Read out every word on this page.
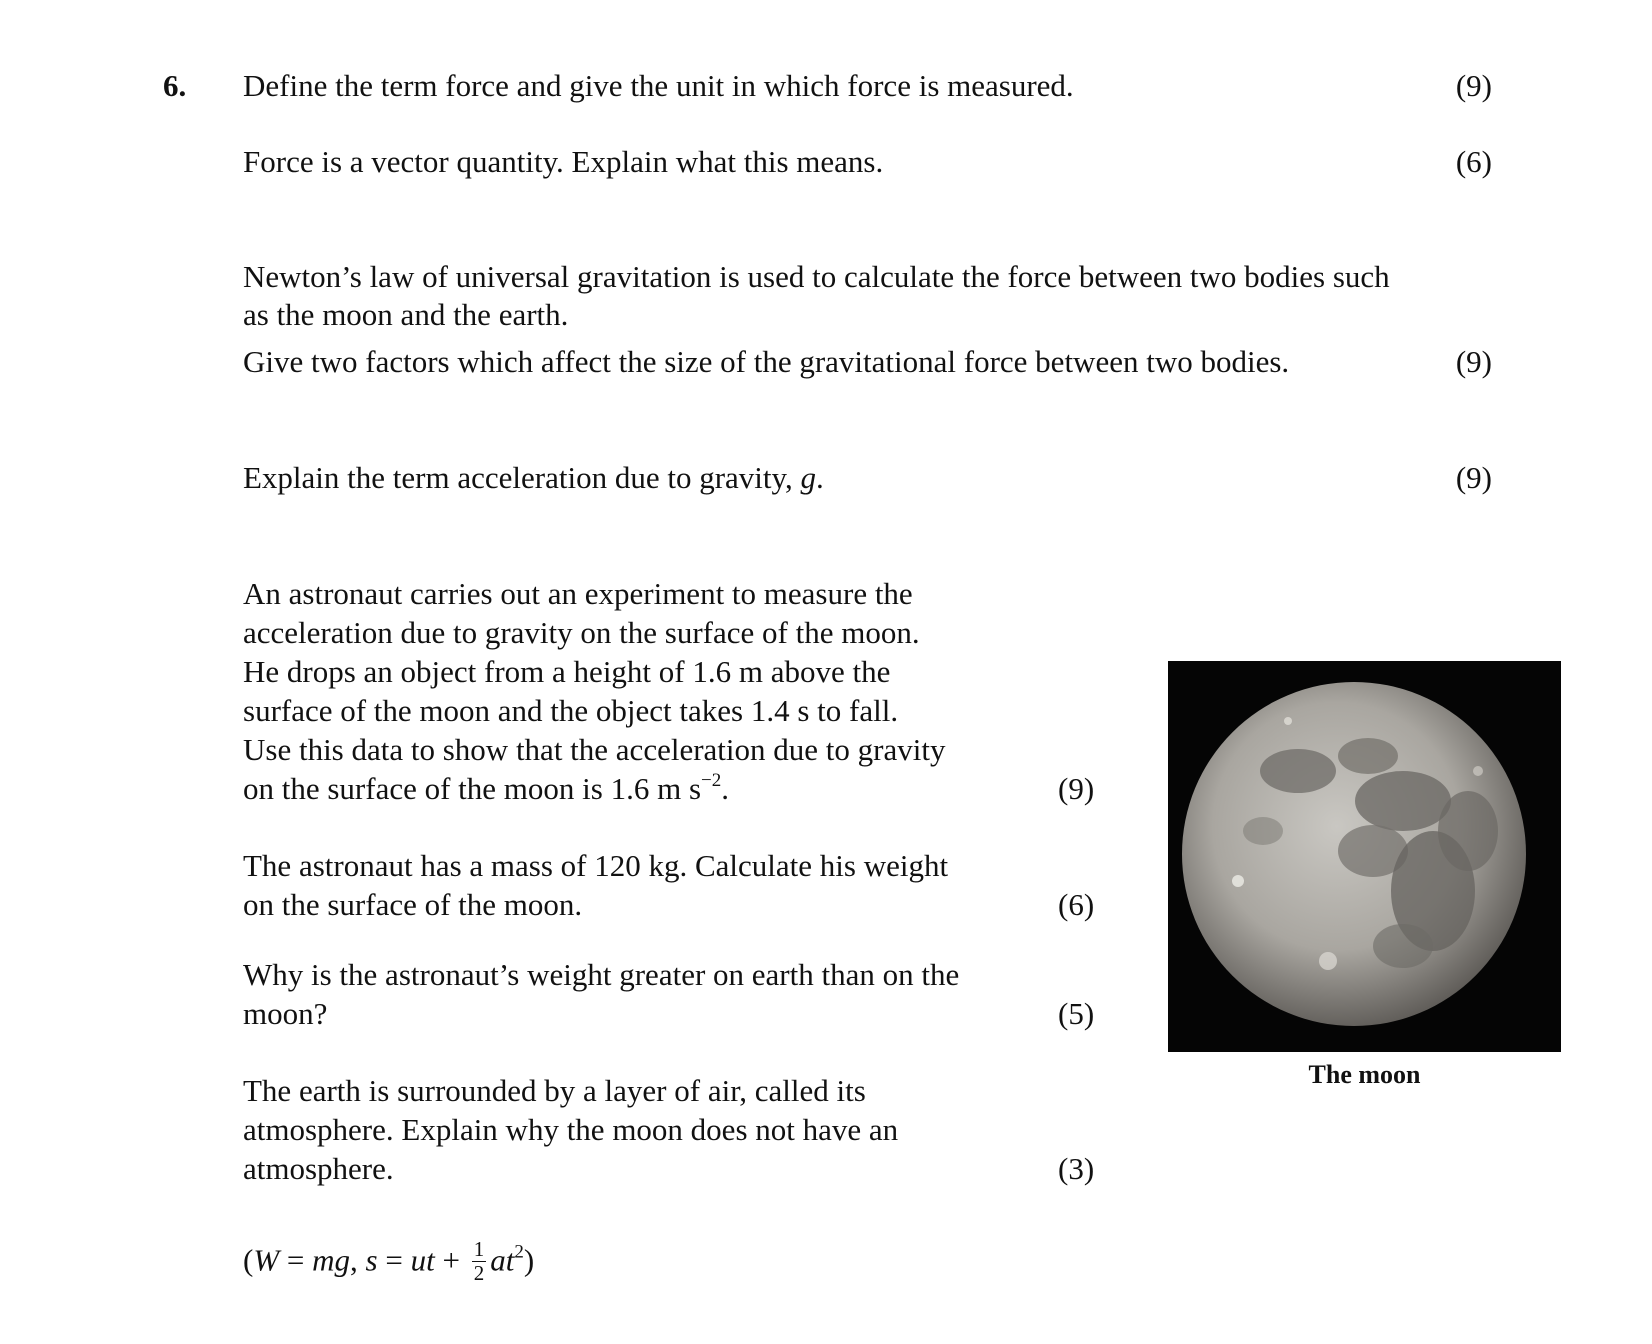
6. Define the term force and give the unit in which force is measured.	(9)
Force is a vector quantity. Explain what this means.	(6)
Newton’s law of universal gravitation is used to calculate the force between two bodies such
as the moon and the earth.
Give two factors which affect the size of the gravitational force between two bodies.	(9)
Explain the term acceleration due to gravity, g.	(9)
An astronaut carries out an experiment to measure the
acceleration due to gravity on the surface of the moon.
He drops an object from a height of 1.6 m above the
surface of the moon and the object takes 1.4 s to fall.
Use this data to show that the acceleration due to gravity
on the surface of the moon is 1.6 m $s^{-2}$.	(9)
The astronaut has a mass of 120 kg. Calculate his weight
on the surface of the moon.	(6)
Why is the astronaut’s weight greater on earth than on the
moon?	(5)
The earth is surrounded by a layer of air, called its
atmosphere. Explain why the moon does not have an
atmosphere.	(3)
The moon
(W = mg, s = ut + $\frac{1}{2} at^2$)
